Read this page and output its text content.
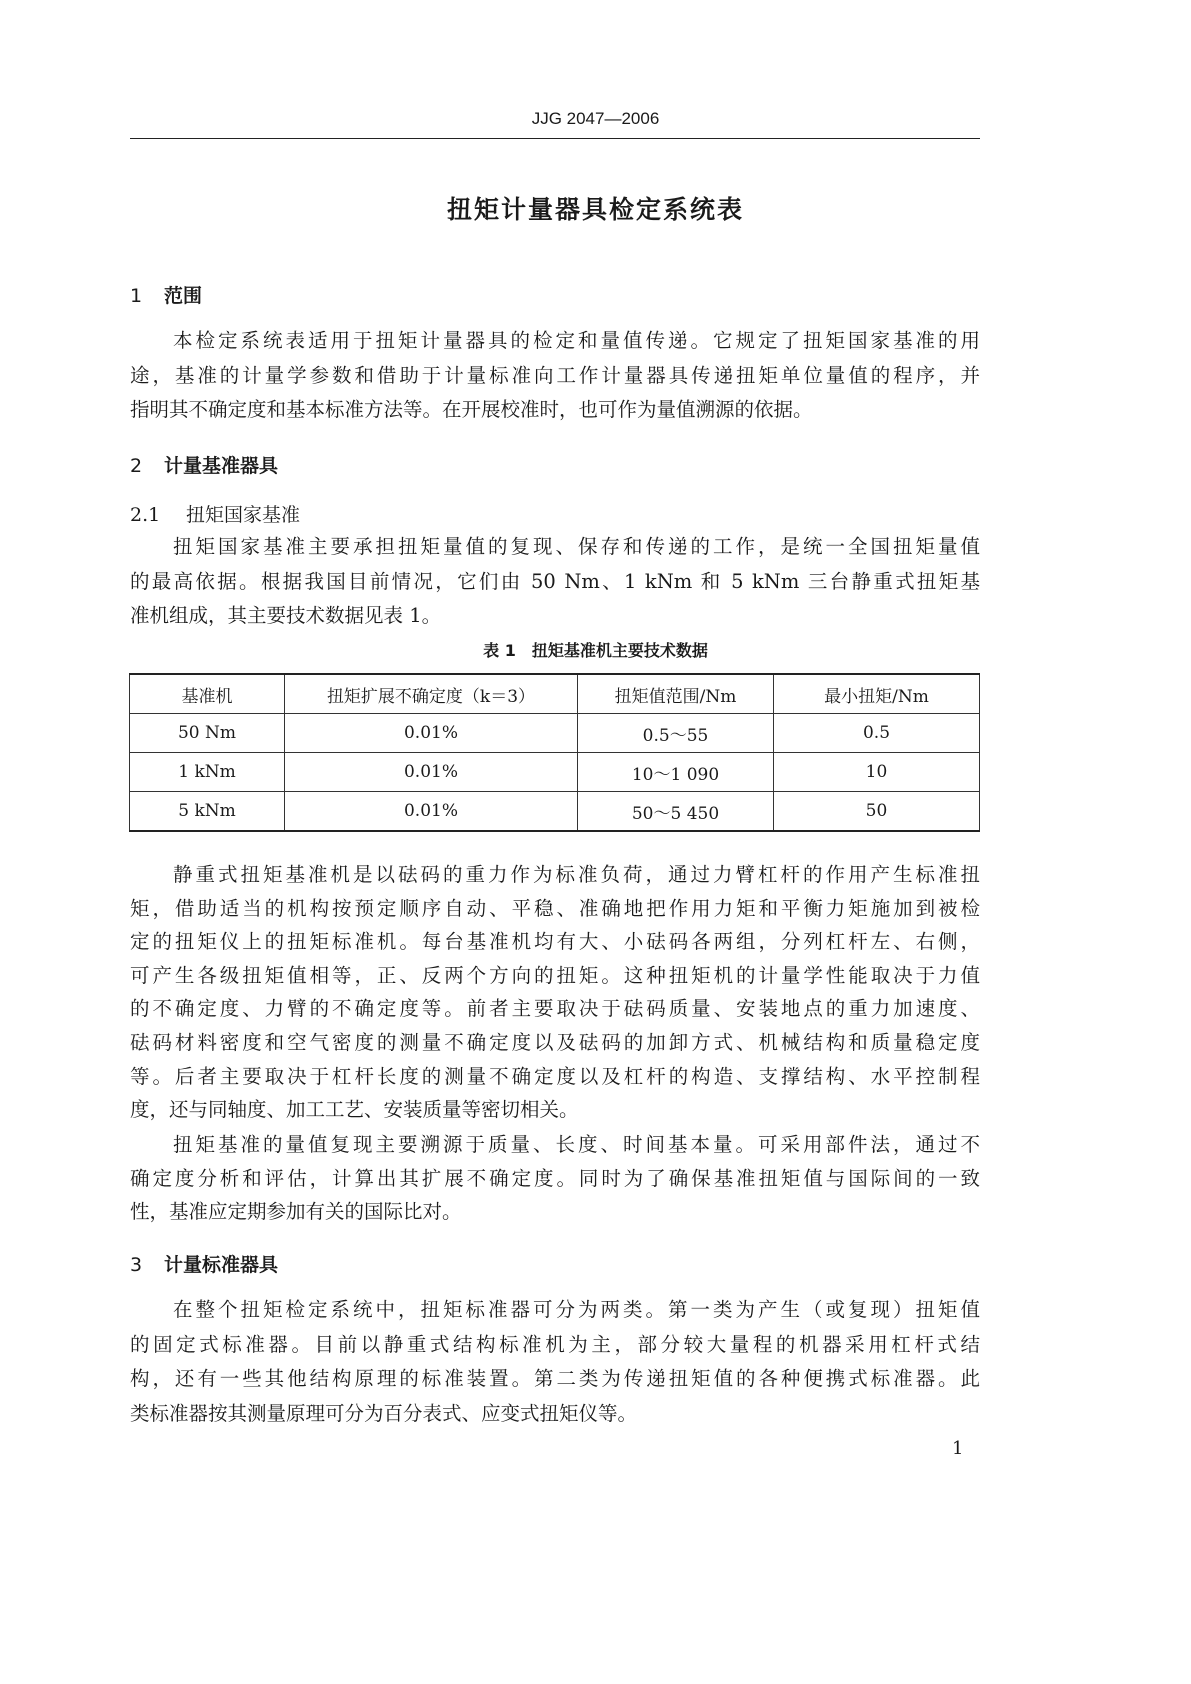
JJG 2047—2006
扭矩计量器具检定系统表
1 范围
本检定系统表适用于扭矩计量器具的检定和量值传递。它规定了扭矩国家基准的用
途，基准的计量学参数和借助于计量标准向工作计量器具传递扭矩单位量值的程序，并
指明其不确定度和基本标准方法等。在开展校准时，也可作为量值溯源的依据。
2 计量基准器具
2.1 扭矩国家基准
扭矩国家基准主要承担扭矩量值的复现、保存和传递的工作，是统一全国扭矩量值
的最高依据。根据我国目前情况，它们由 50 Nm、1 kNm 和 5 kNm 三台静重式扭矩基
准机组成，其主要技术数据见表 1。
表 1　扭矩基准机主要技术数据
基准机	扭矩扩展不确定度（k＝3）	扭矩值范围/Nm	最小扭矩/Nm
50 Nm	0.01%	0.5～55	0.5
1 kNm	0.01%	10～1 090	10
5 kNm	0.01%	50～5 450	50
静重式扭矩基准机是以砝码的重力作为标准负荷，通过力臂杠杆的作用产生标准扭
矩，借助适当的机构按预定顺序自动、平稳、准确地把作用力矩和平衡力矩施加到被检
定的扭矩仪上的扭矩标准机。每台基准机均有大、小砝码各两组，分列杠杆左、右侧，
可产生各级扭矩值相等，正、反两个方向的扭矩。这种扭矩机的计量学性能取决于力值
的不确定度、力臂的不确定度等。前者主要取决于砝码质量、安装地点的重力加速度、
砝码材料密度和空气密度的测量不确定度以及砝码的加卸方式、机械结构和质量稳定度
等。后者主要取决于杠杆长度的测量不确定度以及杠杆的构造、支撑结构、水平控制程
度，还与同轴度、加工工艺、安装质量等密切相关。
扭矩基准的量值复现主要溯源于质量、长度、时间基本量。可采用部件法，通过不
确定度分析和评估，计算出其扩展不确定度。同时为了确保基准扭矩值与国际间的一致
性，基准应定期参加有关的国际比对。
3 计量标准器具
在整个扭矩检定系统中，扭矩标准器可分为两类。第一类为产生（或复现）扭矩值
的固定式标准器。目前以静重式结构标准机为主，部分较大量程的机器采用杠杆式结
构，还有一些其他结构原理的标准装置。第二类为传递扭矩值的各种便携式标准器。此
类标准器按其测量原理可分为百分表式、应变式扭矩仪等。
1
